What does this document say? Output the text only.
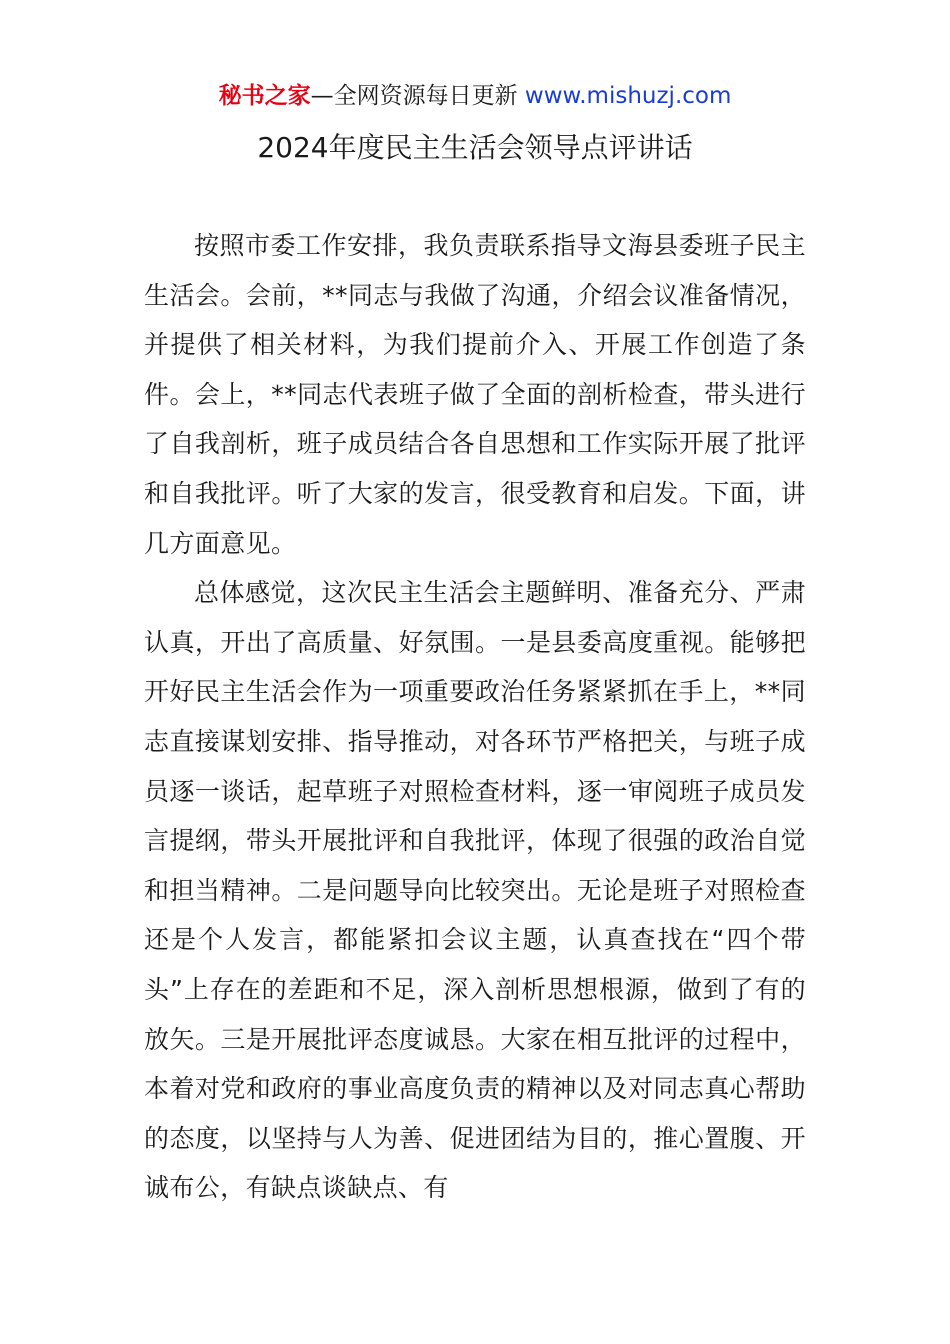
秘书之家—全网资源每日更新 www.mishuzj.com
2024年度民主生活会领导点评讲话

按照市委工作安排，我负责联系指导文海县委班子民主生活会。会前，**同志与我做了沟通，介绍会议准备情况，并提供了相关材料，为我们提前介入、开展工作创造了条件。会上，**同志代表班子做了全面的剖析检查，带头进行了自我剖析，班子成员结合各自思想和工作实际开展了批评和自我批评。听了大家的发言，很受教育和启发。下面，讲几方面意见。

总体感觉，这次民主生活会主题鲜明、准备充分、严肃认真，开出了高质量、好氛围。一是县委高度重视。能够把开好民主生活会作为一项重要政治任务紧紧抓在手上，**同志直接谋划安排、指导推动，对各环节严格把关，与班子成员逐一谈话，起草班子对照检查材料，逐一审阅班子成员发言提纲，带头开展批评和自我批评，体现了很强的政治自觉和担当精神。二是问题导向比较突出。无论是班子对照检查还是个人发言，都能紧扣会议主题，认真查找在“四个带头”上存在的差距和不足，深入剖析思想根源，做到了有的放矢。三是开展批评态度诚恳。大家在相互批评的过程中，本着对党和政府的事业高度负责的精神以及对同志真心帮助的态度，以坚持与人为善、促进团结为目的，推心置腹、开诚布公，有缺点谈缺点、有
